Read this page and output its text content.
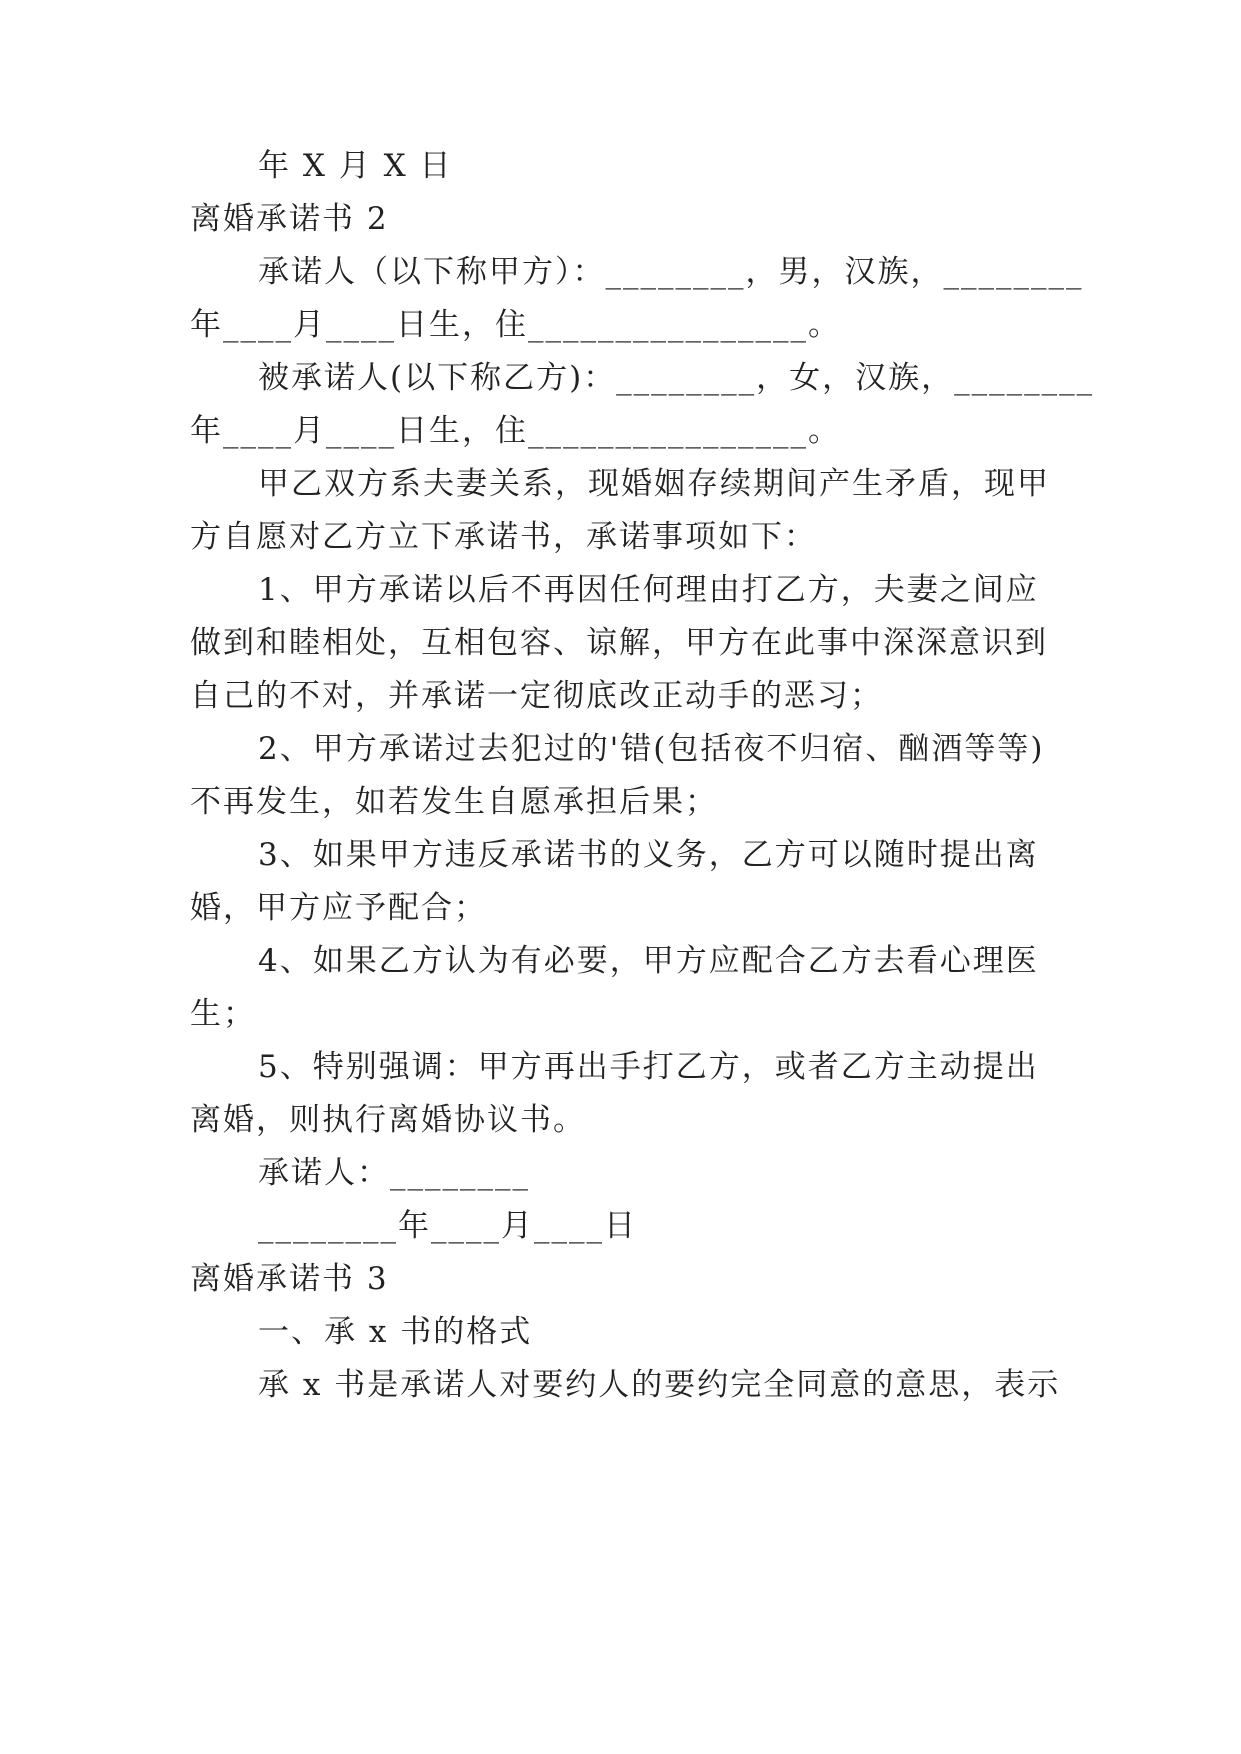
年 X 月 X 日
离婚承诺书 2
承诺人（以下称甲方）：________，男，汉族，________
年____月____日生，住________________。
被承诺人(以下称乙方)：________，女，汉族，________
年____月____日生，住________________。
甲乙双方系夫妻关系，现婚姻存续期间产生矛盾，现甲
方自愿对乙方立下承诺书，承诺事项如下：
1、甲方承诺以后不再因任何理由打乙方，夫妻之间应
做到和睦相处，互相包容、谅解，甲方在此事中深深意识到
自己的不对，并承诺一定彻底改正动手的恶习；
2、甲方承诺过去犯过的'错(包括夜不归宿、酗酒等等)
不再发生，如若发生自愿承担后果；
3、如果甲方违反承诺书的义务，乙方可以随时提出离
婚，甲方应予配合；
4、如果乙方认为有必要，甲方应配合乙方去看心理医
生；
5、特别强调：甲方再出手打乙方，或者乙方主动提出
离婚，则执行离婚协议书。
承诺人：________
________年____月____日
离婚承诺书 3
一、承 x 书的格式
承 x 书是承诺人对要约人的要约完全同意的意思，表示
